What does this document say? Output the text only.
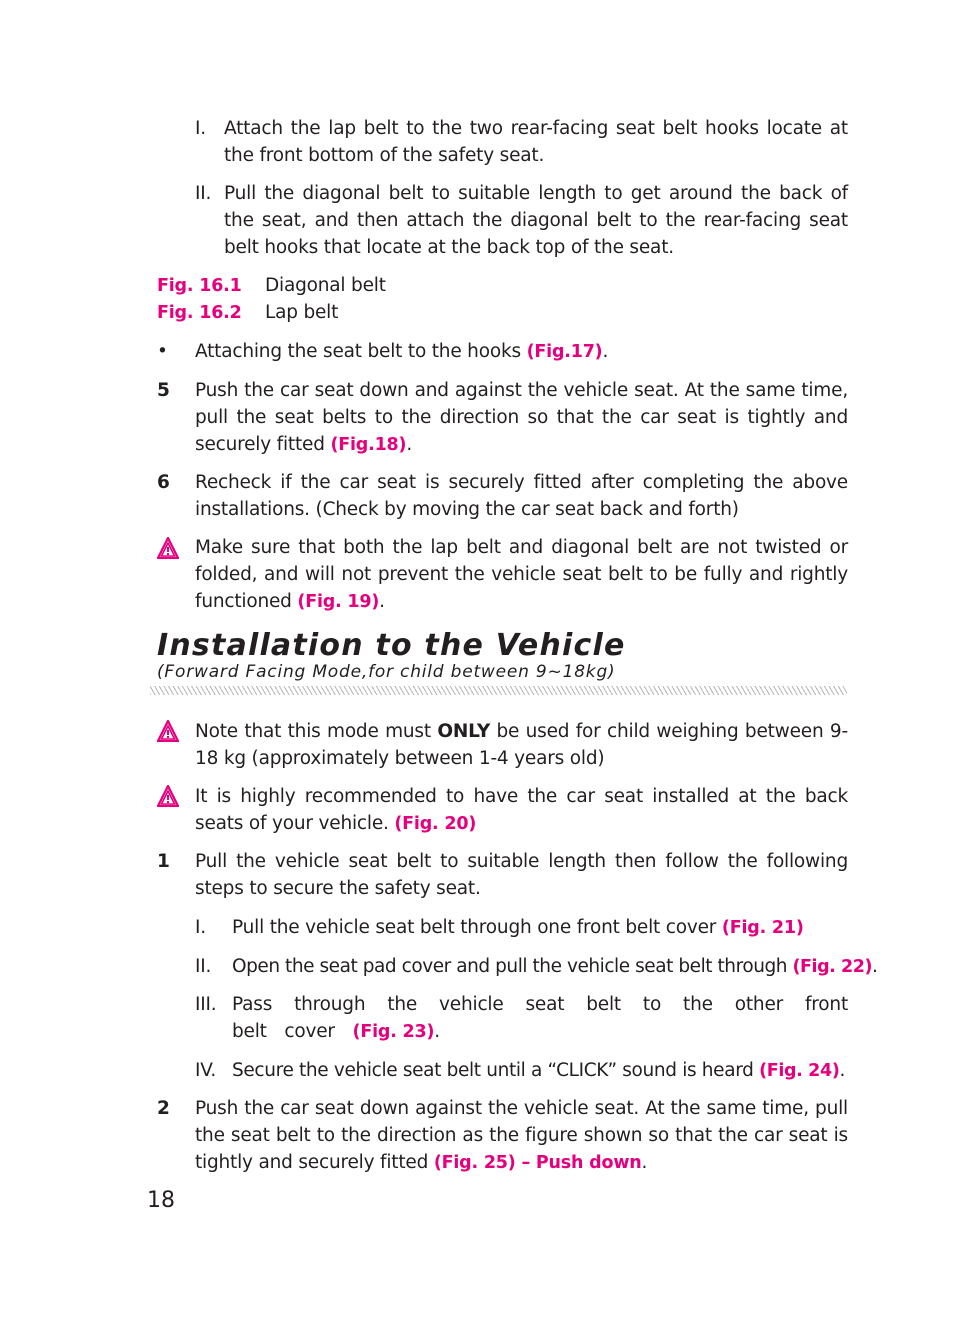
I. Attach the lap belt to the two rear-facing seat belt hooks locate at the front bottom of the safety seat.
II. Pull the diagonal belt to suitable length to get around the back of the seat, and then attach the diagonal belt to the rear-facing seat belt hooks that locate at the back top of the seat.
Fig. 16.1 Diagonal belt
Fig. 16.2 Lap belt
• Attaching the seat belt to the hooks (Fig.17).
5 Push the car seat down and against the vehicle seat. At the same time, pull the seat belts to the direction so that the car seat is tightly and securely fitted (Fig.18).
6 Recheck if the car seat is securely fitted after completing the above installations. (Check by moving the car seat back and forth)
Make sure that both the lap belt and diagonal belt are not twisted or folded, and will not prevent the vehicle seat belt to be fully and rightly functioned (Fig. 19).
Installation to the Vehicle
(Forward Facing Mode,for child between 9~18kg)
Note that this mode must ONLY be used for child weighing between 9-18 kg (approximately between 1-4 years old)
It is highly recommended to have the car seat installed at the back seats of your vehicle. (Fig. 20)
1 Pull the vehicle seat belt to suitable length then follow the following steps to secure the safety seat.
I. Pull the vehicle seat belt through one front belt cover (Fig. 21)
II. Open the seat pad cover and pull the vehicle seat belt through (Fig. 22).
III. Pass through the vehicle seat belt to the other front belt cover (Fig. 23).
IV. Secure the vehicle seat belt until a “CLICK” sound is heard (Fig. 24).
2 Push the car seat down against the vehicle seat. At the same time, pull the seat belt to the direction as the figure shown so that the car seat is tightly and securely fitted (Fig. 25) – Push down.
18
